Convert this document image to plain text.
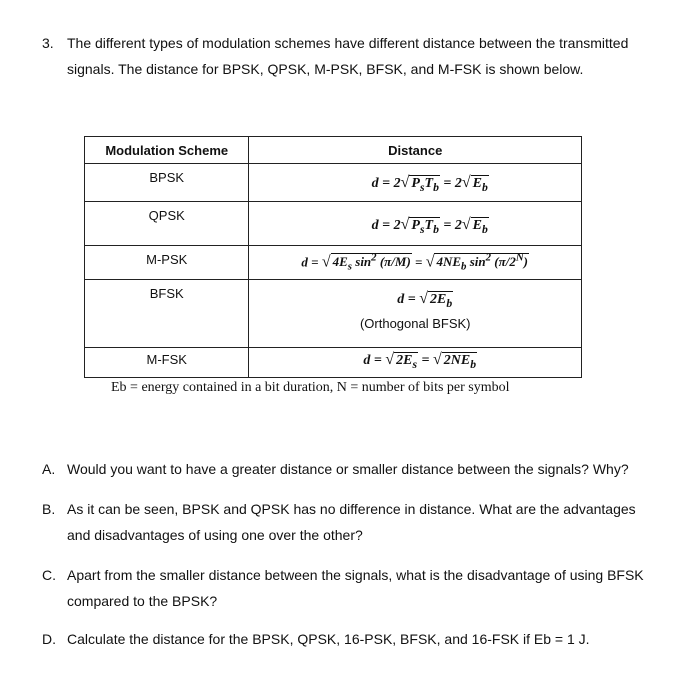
3. The different types of modulation schemes have different distance between the transmitted
signals. The distance for BPSK, QPSK, M-PSK, BFSK, and M-FSK is shown below.
Modulation Scheme	Distance

BPSK	d = 2√ $P_sT_b = 2√$ $E_b$

QPSK	d = 2√ $P_sT_b = 2√$ $E_b$

M-PSK	d = √ $4E_s$ $\sin^2 (\pi/M)$ = √ $4NE_b$ $\sin^2 (\pi/2^N)$

BFSK	d = √ $2E_b$
(Orthogonal BFSK)

M-FSK	d = √ $2E_s$ = √ $2NE_b$
Eb = energy contained in a bit duration, N = number of bits per symbol
A. Would you want to have a greater distance or smaller distance between the signals? Why?
B. As it can be seen, BPSK and QPSK has no difference in distance. What are the advantages
and disadvantages of using one over the other?
C. Apart from the smaller distance between the signals, what is the disadvantage of using BFSK
compared to the BPSK?
D. Calculate the distance for the BPSK, QPSK, 16-PSK, BFSK, and 16-FSK if Eb = 1 J.
